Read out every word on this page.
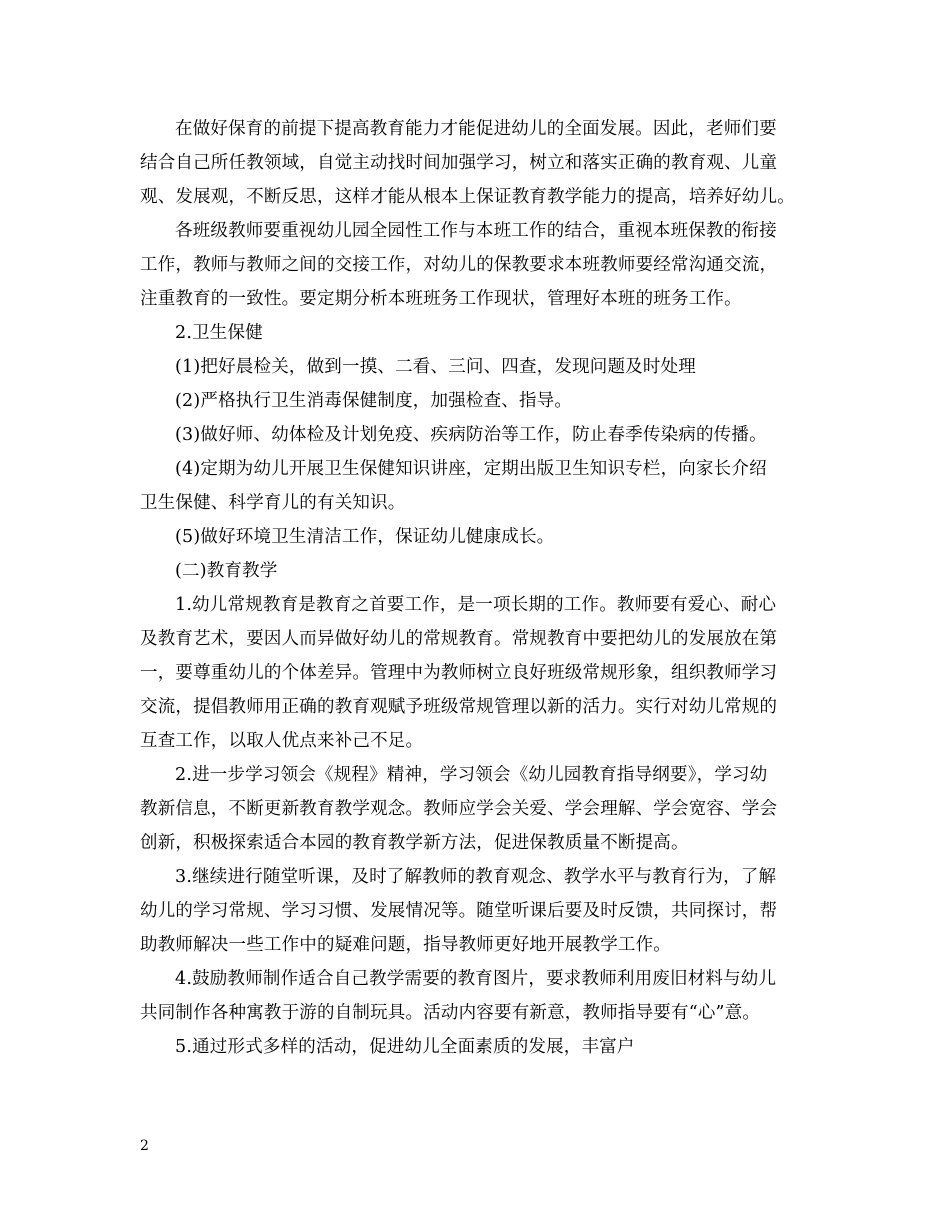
在做好保育的前提下提高教育能力才能促进幼儿的全面发展。因此，老师们要
结合自己所任教领域，自觉主动找时间加强学习，树立和落实正确的教育观、儿童
观、发展观，不断反思，这样才能从根本上保证教育教学能力的提高，培养好幼儿。
各班级教师要重视幼儿园全园性工作与本班工作的结合，重视本班保教的衔接
工作，教师与教师之间的交接工作，对幼儿的保教要求本班教师要经常沟通交流，
注重教育的一致性。要定期分析本班班务工作现状，管理好本班的班务工作。
2.卫生保健
(1)把好晨检关，做到一摸、二看、三问、四查，发现问题及时处理
(2)严格执行卫生消毒保健制度，加强检查、指导。
(3)做好师、幼体检及计划免疫、疾病防治等工作，防止春季传染病的传播。
(4)定期为幼儿开展卫生保健知识讲座，定期出版卫生知识专栏，向家长介绍
卫生保健、科学育儿的有关知识。
(5)做好环境卫生清洁工作，保证幼儿健康成长。
(二)教育教学
1.幼儿常规教育是教育之首要工作，是一项长期的工作。教师要有爱心、耐心
及教育艺术，要因人而异做好幼儿的常规教育。常规教育中要把幼儿的发展放在第
一，要尊重幼儿的个体差异。管理中为教师树立良好班级常规形象，组织教师学习
交流，提倡教师用正确的教育观赋予班级常规管理以新的活力。实行对幼儿常规的
互查工作，以取人优点来补己不足。
2.进一步学习领会《规程》精神，学习领会《幼儿园教育指导纲要》，学习幼
教新信息，不断更新教育教学观念。教师应学会关爱、学会理解、学会宽容、学会
创新，积极探索适合本园的教育教学新方法，促进保教质量不断提高。
3.继续进行随堂听课，及时了解教师的教育观念、教学水平与教育行为，了解
幼儿的学习常规、学习习惯、发展情况等。随堂听课后要及时反馈，共同探讨，帮
助教师解决一些工作中的疑难问题，指导教师更好地开展教学工作。
4.鼓励教师制作适合自己教学需要的教育图片，要求教师利用废旧材料与幼儿
共同制作各种寓教于游的自制玩具。活动内容要有新意，教师指导要有“心”意。
5.通过形式多样的活动，促进幼儿全面素质的发展，丰富户
2
